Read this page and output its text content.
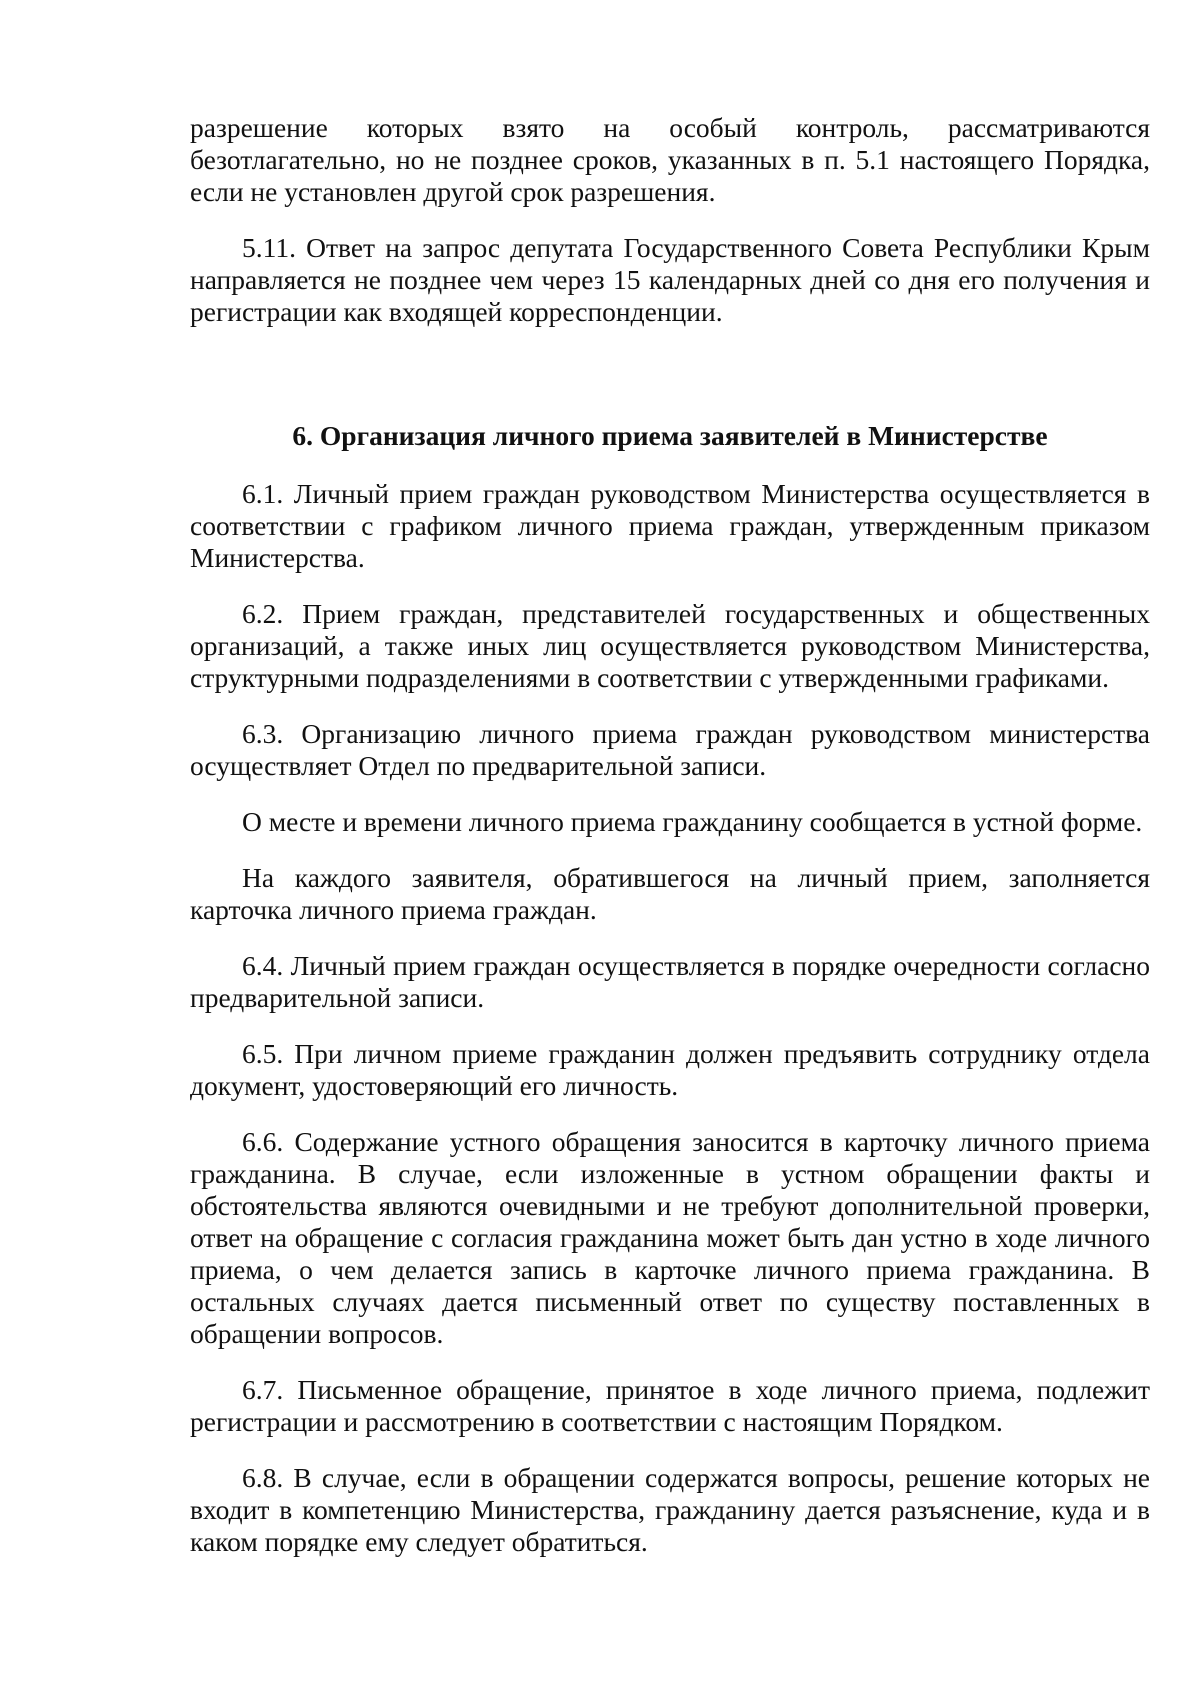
разрешение которых взято на особый контроль, рассматриваются безотлагательно, но не позднее сроков, указанных в п. 5.1 настоящего Порядка, если не установлен другой срок разрешения.

5.11. Ответ на запрос депутата Государственного Совета Республики Крым направляется не позднее чем через 15 календарных дней со дня его получения и регистрации как входящей корреспонденции.

6. Организация личного приема заявителей в Министерстве

6.1. Личный прием граждан руководством Министерства осуществляется в соответствии с графиком личного приема граждан, утвержденным приказом Министерства.

6.2. Прием граждан, представителей государственных и общественных организаций, а также иных лиц осуществляется руководством Министерства, структурными подразделениями в соответствии с утвержденными графиками.

6.3. Организацию личного приема граждан руководством министерства осуществляет Отдел по предварительной записи.

О месте и времени личного приема гражданину сообщается в устной форме.

На каждого заявителя, обратившегося на личный прием, заполняется карточка личного приема граждан.

6.4. Личный прием граждан осуществляется в порядке очередности согласно предварительной записи.

6.5. При личном приеме гражданин должен предъявить сотруднику отдела документ, удостоверяющий его личность.

6.6. Содержание устного обращения заносится в карточку личного приема гражданина. В случае, если изложенные в устном обращении факты и обстоятельства являются очевидными и не требуют дополнительной проверки, ответ на обращение с согласия гражданина может быть дан устно в ходе личного приема, о чем делается запись в карточке личного приема гражданина. В остальных случаях дается письменный ответ по существу поставленных в обращении вопросов.

6.7. Письменное обращение, принятое в ходе личного приема, подлежит регистрации и рассмотрению в соответствии с настоящим Порядком.

6.8. В случае, если в обращении содержатся вопросы, решение которых не входит в компетенцию Министерства, гражданину дается разъяснение, куда и в каком порядке ему следует обратиться.
